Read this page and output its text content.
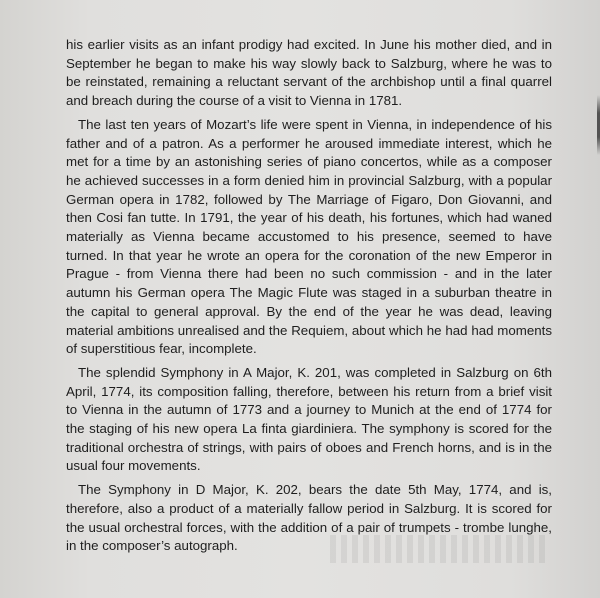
his earlier visits as an infant prodigy had excited. In June his mother died, and in September he began to make his way slowly back to Salzburg, where he was to be reinstated, remaining a reluctant servant of the archbishop until a final quarrel and breach during the course of a visit to Vienna in 1781.

The last ten years of Mozart’s life were spent in Vienna, in independence of his father and of a patron. As a performer he aroused immediate interest, which he met for a time by an astonishing series of piano concertos, while as a composer he achieved successes in a form denied him in provincial Salzburg, with a popular German opera in 1782, followed by The Marriage of Figaro, Don Giovanni, and then Cosi fan tutte. In 1791, the year of his death, his fortunes, which had waned materially as Vienna became accustomed to his presence, seemed to have turned. In that year he wrote an opera for the coronation of the new Emperor in Prague - from Vienna there had been no such commission - and in the later autumn his German opera The Magic Flute was staged in a suburban theatre in the capital to general approval. By the end of the year he was dead, leaving material ambitions unrealised and the Requiem, about which he had had moments of superstitious fear, incomplete.

The splendid Symphony in A Major, K. 201, was completed in Salzburg on 6th April, 1774, its composition falling, therefore, between his return from a brief visit to Vienna in the autumn of 1773 and a journey to Munich at the end of 1774 for the staging of his new opera La finta giardiniera. The symphony is scored for the traditional orchestra of strings, with pairs of oboes and French horns, and is in the usual four movements.

The Symphony in D Major, K. 202, bears the date 5th May, 1774, and is, therefore, also a product of a materially fallow period in Salzburg. It is scored for the usual orchestral forces, with the addition of a pair of trumpets - trombe lunghe, in the composer’s autograph.
